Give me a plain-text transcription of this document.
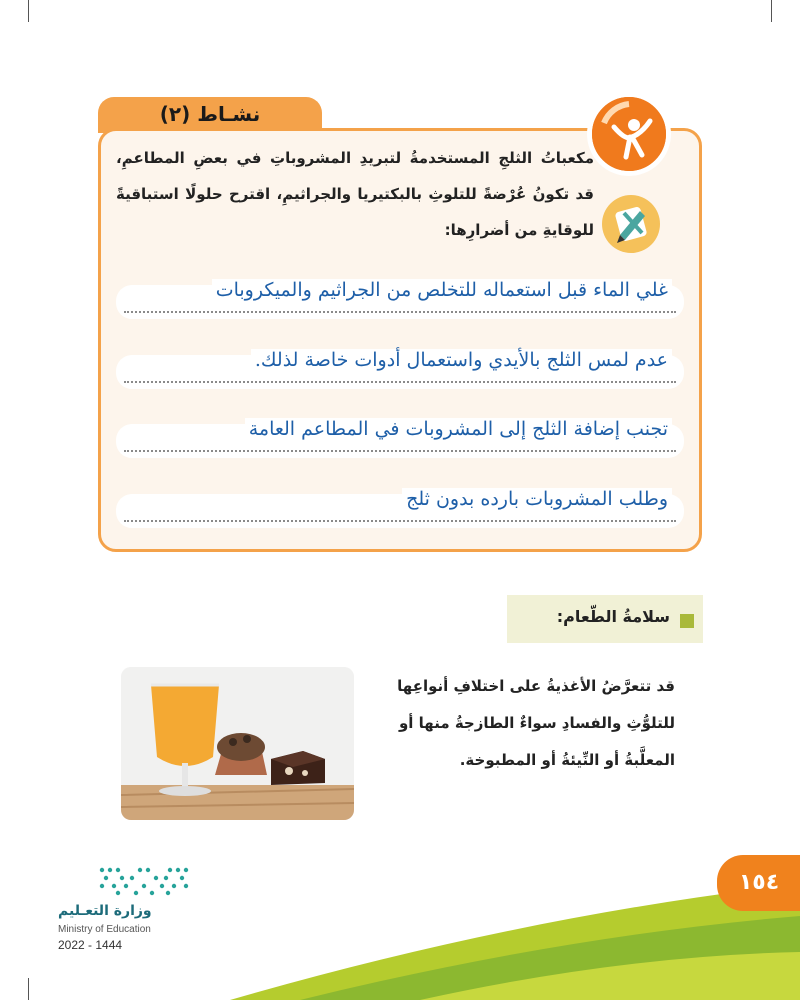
نشـاط (٢)
مكعباتُ الثلجِ المستخدمةُ لتبريدِ المشروباتِ في بعضِ المطاعمِ، قد تكونُ عُرْضةً للتلوثِ بالبكتيريا والجراثيمِ، اقترح حلولًا استباقيةً للوقايةِ من أضرارِها:
غلي الماء قبل استعماله للتخلص من الجراثيم والميكروبات
عدم لمس الثلج بالأيدي واستعمال أدوات خاصة لذلك.
تجنب إضافة الثلج إلى المشروبات في المطاعم العامة
وطلب المشروبات بارده بدون ثلج
سلامةُ الطّعام:
قد تتعرَّضُ الأغذيةُ على اختلافِ أنواعِها للتلوُّثِ والفسادِ سواءٌ الطازجةُ منها أو المعلَّبةُ أو النِّيئةُ أو المطبوخة.
١٥٤
وزارة التعـليم
Ministry of Education
2022 - 1444
